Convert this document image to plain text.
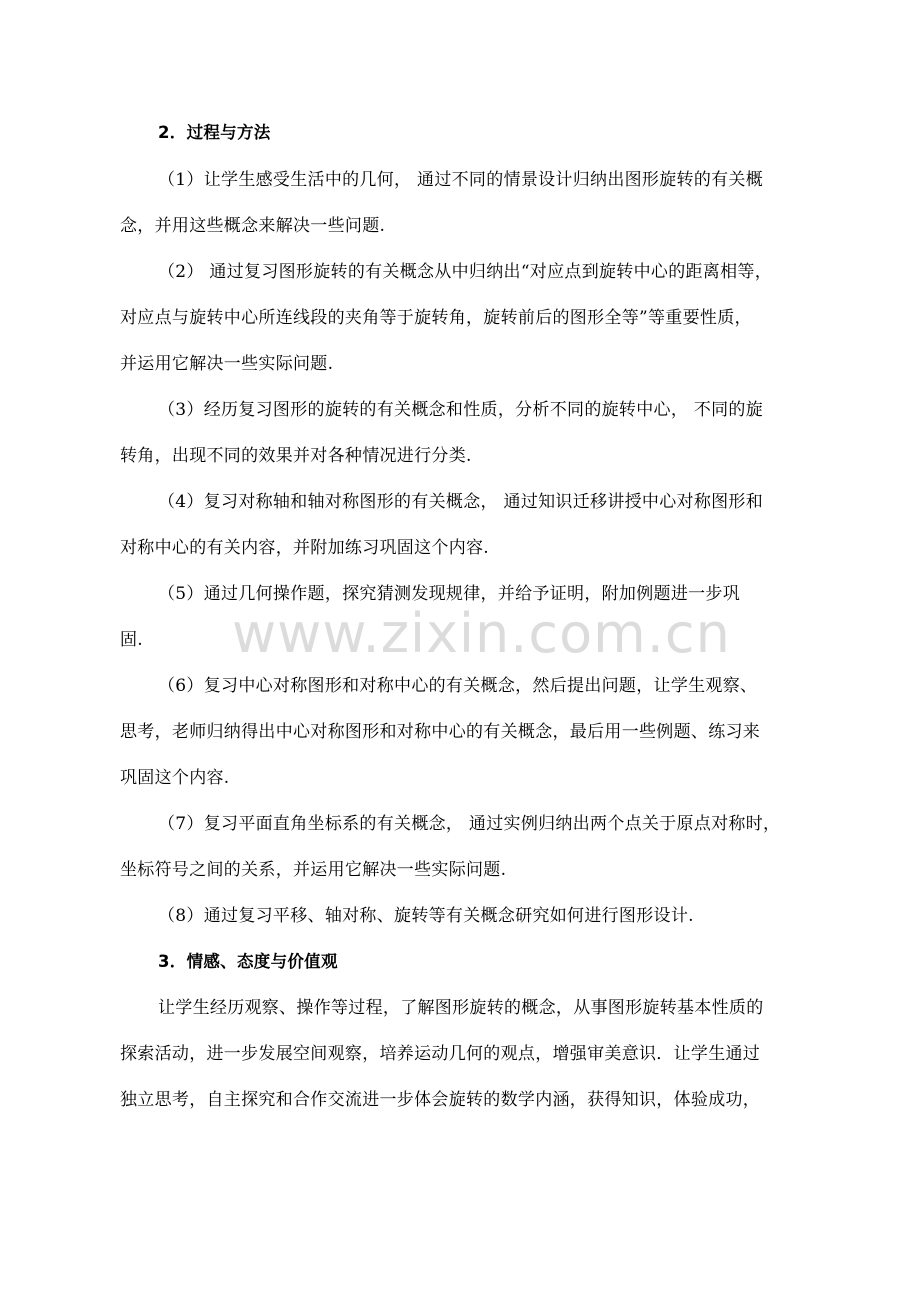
www.zixin.com.cn
2．过程与方法
（1）让学生感受生活中的几何， 通过不同的情景设计归纳出图形旋转的有关概
念，并用这些概念来解决一些问题.
（2） 通过复习图形旋转的有关概念从中归纳出“对应点到旋转中心的距离相等，
对应点与旋转中心所连线段的夹角等于旋转角，旋转前后的图形全等”等重要性质，
并运用它解决一些实际问题.
（3）经历复习图形的旋转的有关概念和性质，分析不同的旋转中心， 不同的旋
转角，出现不同的效果并对各种情况进行分类.
（4）复习对称轴和轴对称图形的有关概念， 通过知识迁移讲授中心对称图形和
对称中心的有关内容，并附加练习巩固这个内容.
（5）通过几何操作题，探究猜测发现规律，并给予证明，附加例题进一步巩
固.
（6）复习中心对称图形和对称中心的有关概念，然后提出问题，让学生观察、
思考，老师归纳得出中心对称图形和对称中心的有关概念，最后用一些例题、练习来
巩固这个内容.
（7）复习平面直角坐标系的有关概念， 通过实例归纳出两个点关于原点对称时，
坐标符号之间的关系，并运用它解决一些实际问题.
（8）通过复习平移、轴对称、旋转等有关概念研究如何进行图形设计.
3．情感、态度与价值观
让学生经历观察、操作等过程，了解图形旋转的概念，从事图形旋转基本性质的
探索活动，进一步发展空间观察，培养运动几何的观点，增强审美意识．让学生通过
独立思考，自主探究和合作交流进一步体会旋转的数学内涵，获得知识，体验成功，
